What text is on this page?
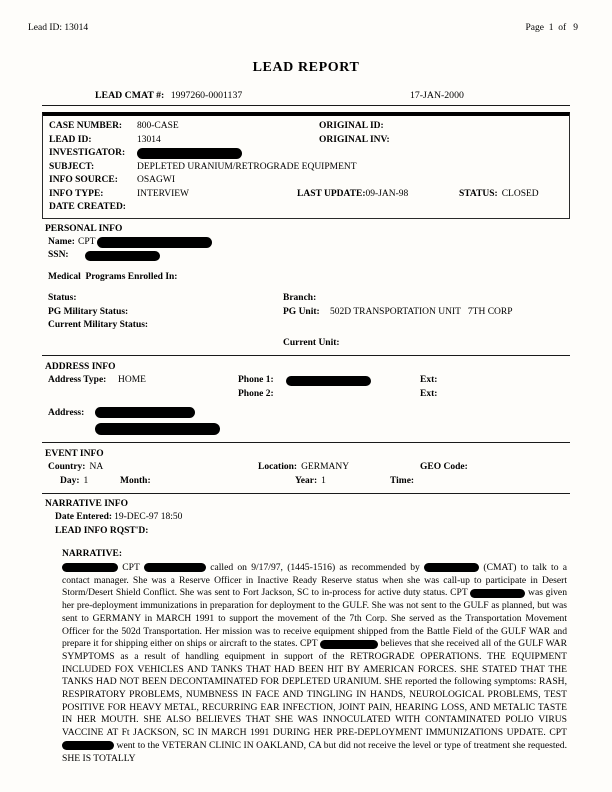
Lead ID: 13014	Page  1  of   9
LEAD REPORT
LEAD CMAT #: 1997260-0001137	17-JAN-2000
CASE NUMBER:	800-CASE	ORIGINAL ID:
LEAD ID:	13014	ORIGINAL INV:
INVESTIGATOR:
SUBJECT:	DEPLETED URANIUM/RETROGRADE EQUIPMENT
INFO SOURCE:	OSAGWI
INFO TYPE:	INTERVIEW	LAST UPDATE:09-JAN-98	STATUS: CLOSED
DATE CREATED:
PERSONAL INFO
Name: CPT
SSN:
Medical  Programs Enrolled In:
Status:	Branch:
PG Military Status:	PG Unit:	502D TRANSPORTATION UNIT   7TH CORP
Current Military Status:
Current Unit:
ADDRESS INFO
Address Type:	HOME	Phone 1:	Ext:
Phone 2:	Ext:
Address:
EVENT INFO
Country: NA	Location: GERMANY	GEO Code:
Day: 1	Month:	Year: 1	Time:
NARRATIVE INFO
Date Entered: 19-DEC-97 18:50
LEAD INFO RQST'D:
NARRATIVE:
CPT	called on 9/17/97, (1445-1516) as recommended by	(CMAT) to talk to a contact manager. She was a Reserve Officer in Inactive Ready Reserve status when she was call-up to participate in Desert Storm/Desert Shield Conflict. She was sent to Fort Jackson, SC to in-process for active duty status. CPT	was given her pre-deployment immunizations in preparation for deployment to the GULF. She was not sent to the GULF as planned, but was sent to GERMANY in MARCH 1991 to support the movement of the 7th Corp. She served as the Transportation Movement Officer for the 502d Transportation. Her mission was to receive equipment shipped from the Battle Field of the GULF WAR and prepare it for shipping either on ships or aircraft to the states. CPT	believes that she received all of the GULF WAR SYMPTOMS as a result of handling equipment in support of the RETROGRADE OPERATIONS. THE EQUIPMENT INCLUDED FOX VEHICLES AND TANKS THAT HAD BEEN HIT BY AMERICAN FORCES. SHE STATED THAT THE TANKS HAD NOT BEEN DECONTAMINATED FOR DEPLETED URANIUM. SHE reported the following symptoms: RASH, RESPIRATORY PROBLEMS, NUMBNESS IN FACE AND TINGLING IN HANDS, NEUROLOGICAL PROBLEMS, TEST POSITIVE FOR HEAVY METAL, RECURRING EAR INFECTION, JOINT PAIN, HEARING LOSS, AND METALIC TASTE IN HER MOUTH. SHE ALSO BELIEVES THAT SHE WAS INNOCULATED WITH CONTAMINATED POLIO VIRUS VACCINE AT Ft JACKSON, SC IN MARCH 1991 DURING HER PRE-DEPLOYMENT IMMUNIZATIONS UPDATE. CPT  went to the VETERAN CLINIC IN OAKLAND, CA but did not receive the level or type of treatment she requested. SHE IS TOTALLY
